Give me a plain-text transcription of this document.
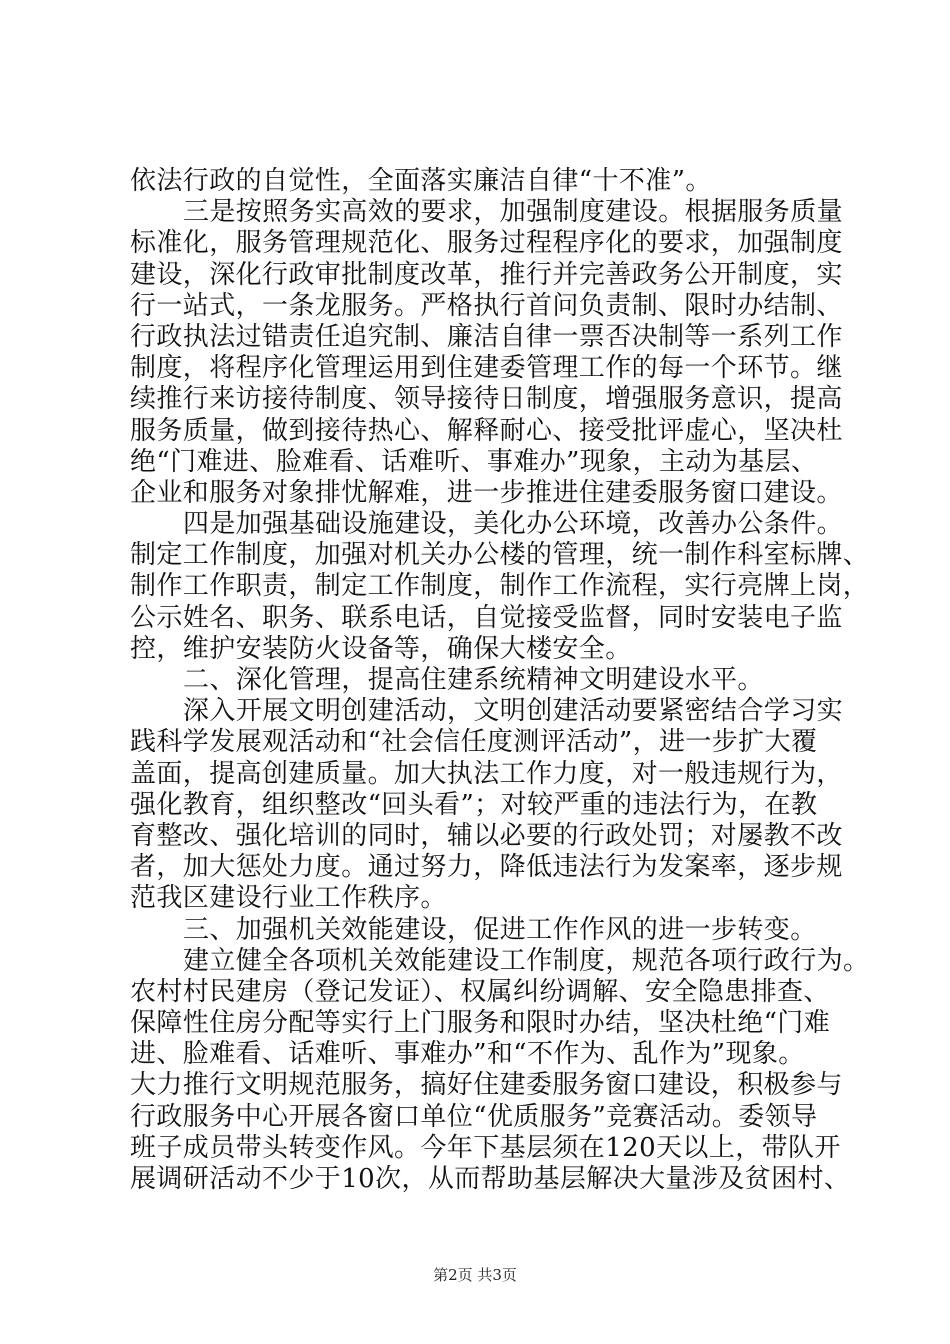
依法行政的自觉性，全面落实廉洁自律“十不准”。
三是按照务实高效的要求，加强制度建设。根据服务质量
标准化，服务管理规范化、服务过程程序化的要求，加强制度
建设，深化行政审批制度改革，推行并完善政务公开制度，实
行一站式，一条龙服务。严格执行首问负责制、限时办结制、
行政执法过错责任追究制、廉洁自律一票否决制等一系列工作
制度，将程序化管理运用到住建委管理工作的每一个环节。继
续推行来访接待制度、领导接待日制度，增强服务意识，提高
服务质量，做到接待热心、解释耐心、接受批评虚心，坚决杜
绝“门难进、脸难看、话难听、事难办”现象，主动为基层、
企业和服务对象排忧解难，进一步推进住建委服务窗口建设。
四是加强基础设施建设，美化办公环境，改善办公条件。
制定工作制度，加强对机关办公楼的管理，统一制作科室标牌、
制作工作职责，制定工作制度，制作工作流程，实行亮牌上岗，
公示姓名、职务、联系电话，自觉接受监督，同时安装电子监
控，维护安装防火设备等，确保大楼安全。
二、深化管理，提高住建系统精神文明建设水平。
深入开展文明创建活动，文明创建活动要紧密结合学习实
践科学发展观活动和“社会信任度测评活动”，进一步扩大覆
盖面，提高创建质量。加大执法工作力度，对一般违规行为，
强化教育，组织整改“回头看”；对较严重的违法行为，在教
育整改、强化培训的同时，辅以必要的行政处罚；对屡教不改
者，加大惩处力度。通过努力，降低违法行为发案率，逐步规
范我区建设行业工作秩序。
三、加强机关效能建设，促进工作作风的进一步转变。
建立健全各项机关效能建设工作制度，规范各项行政行为。
农村村民建房（登记发证）、权属纠纷调解、安全隐患排查、
保障性住房分配等实行上门服务和限时办结，坚决杜绝“门难
进、脸难看、话难听、事难办”和“不作为、乱作为”现象。
大力推行文明规范服务，搞好住建委服务窗口建设，积极参与
行政服务中心开展各窗口单位“优质服务”竞赛活动。委领导
班子成员带头转变作风。今年下基层须在120天以上，带队开
展调研活动不少于10次，从而帮助基层解决大量涉及贫困村、
第2页 共3页
